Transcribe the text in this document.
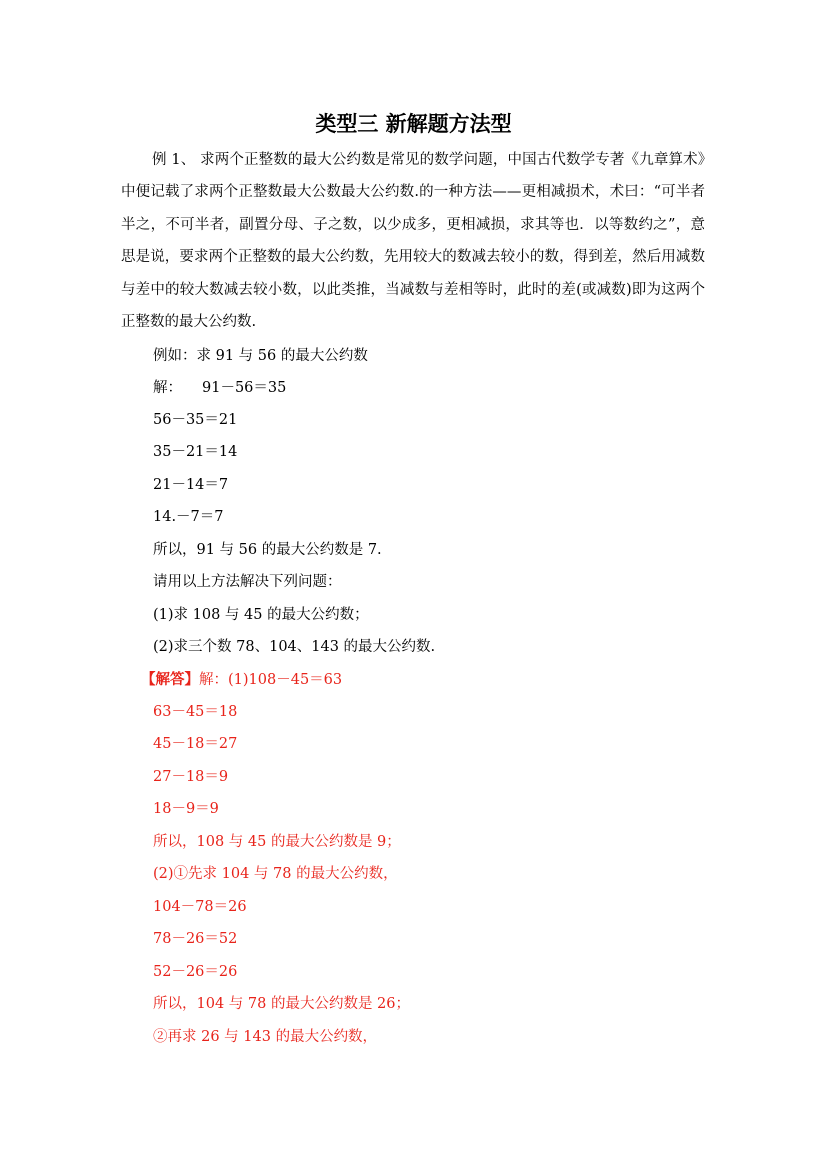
类型三 新解题方法型
例 1、 求两个正整数的最大公约数是常见的数学问题，中国古代数学专著《九章算术》中便记载了求两个正整数最大公数最大公约数.的一种方法——更相减损术，术曰：“可半者半之，不可半者，副置分母、子之数，以少成多，更相减损，求其等也．以等数约之”，意思是说，要求两个正整数的最大公约数，先用较大的数减去较小的数，得到差，然后用减数与差中的较大数减去较小数，以此类推，当减数与差相等时，此时的差(或减数)即为这两个正整数的最大公约数.
例如：求 91 与 56 的最大公约数
解： 91－56＝35
56－35＝21
35－21＝14
21－14＝7
14.－7＝7
所以，91 与 56 的最大公约数是 7.
请用以上方法解决下列问题：
(1)求 108 与 45 的最大公约数；
(2)求三个数 78、104、143 的最大公约数.
【解答】解：(1)108－45＝63
63－45＝18
45－18＝27
27－18＝9
18－9＝9
所以，108 与 45 的最大公约数是 9；
(2)①先求 104 与 78 的最大公约数，
104－78＝26
78－26＝52
52－26＝26
所以，104 与 78 的最大公约数是 26；
②再求 26 与 143 的最大公约数，
